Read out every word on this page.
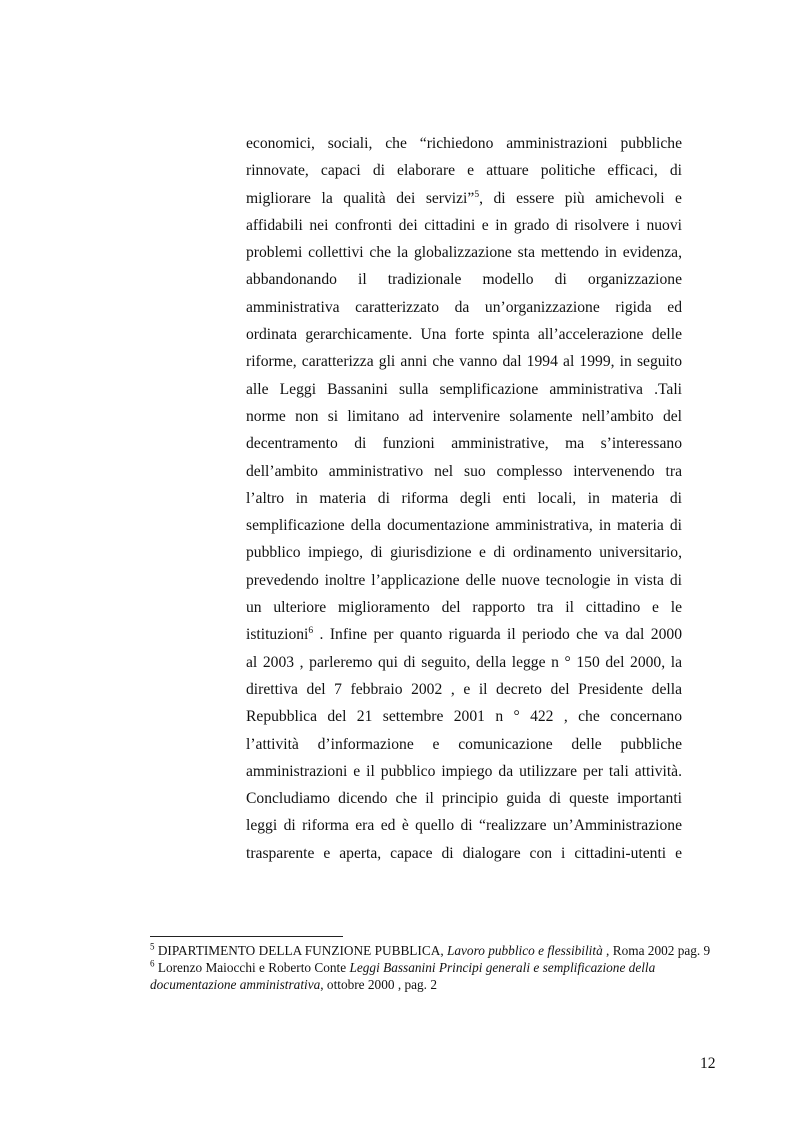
economici, sociali, che “richiedono amministrazioni pubbliche
rinnovate, capaci di elaborare e attuare politiche efficaci, di
migliorare la qualità dei servizi”$^5$, di essere più amichevoli e
affidabili nei confronti dei cittadini e in grado di risolvere i nuovi
problemi collettivi che la globalizzazione sta mettendo in evidenza,
abbandonando il tradizionale modello di organizzazione
amministrativa caratterizzato da un’organizzazione rigida ed
ordinata gerarchicamente. Una forte spinta all’accelerazione delle
riforme, caratterizza gli anni che vanno dal 1994 al 1999, in seguito
alle Leggi Bassanini sulla semplificazione amministrativa .Tali
norme non si limitano ad intervenire solamente nell’ambito del
decentramento di funzioni amministrative, ma s’interessano
dell’ambito amministrativo nel suo complesso intervenendo tra
l’altro in materia di riforma degli enti locali, in materia di
semplificazione della documentazione amministrativa, in materia di
pubblico impiego, di giurisdizione e di ordinamento universitario,
prevedendo inoltre l’applicazione delle nuove tecnologie in vista di
un ulteriore miglioramento del rapporto tra il cittadino e le
istituzioni$^6$ . Infine per quanto riguarda il periodo che va dal 2000
al 2003 , parleremo qui di seguito, della legge n ° 150 del 2000, la
direttiva del 7 febbraio 2002 , e il decreto del Presidente della
Repubblica del 21 settembre 2001 n ° 422 , che concernano
l’attività d’informazione e comunicazione delle pubbliche
amministrazioni e il pubblico impiego da utilizzare per tali attività.
Concludiamo dicendo che il principio guida di queste importanti
leggi di riforma era ed è quello di “realizzare un’Amministrazione
trasparente e aperta, capace di dialogare con i cittadini-utenti e
$^5$ DIPARTIMENTO DELLA FUNZIONE PUBBLICA, Lavoro pubblico e flessibilità , Roma 2002 pag. 9
$^6$ Lorenzo Maiocchi e Roberto Conte Leggi Bassanini Principi generali e semplificazione della
documentazione amministrativa, ottobre 2000 , pag. 2
12
